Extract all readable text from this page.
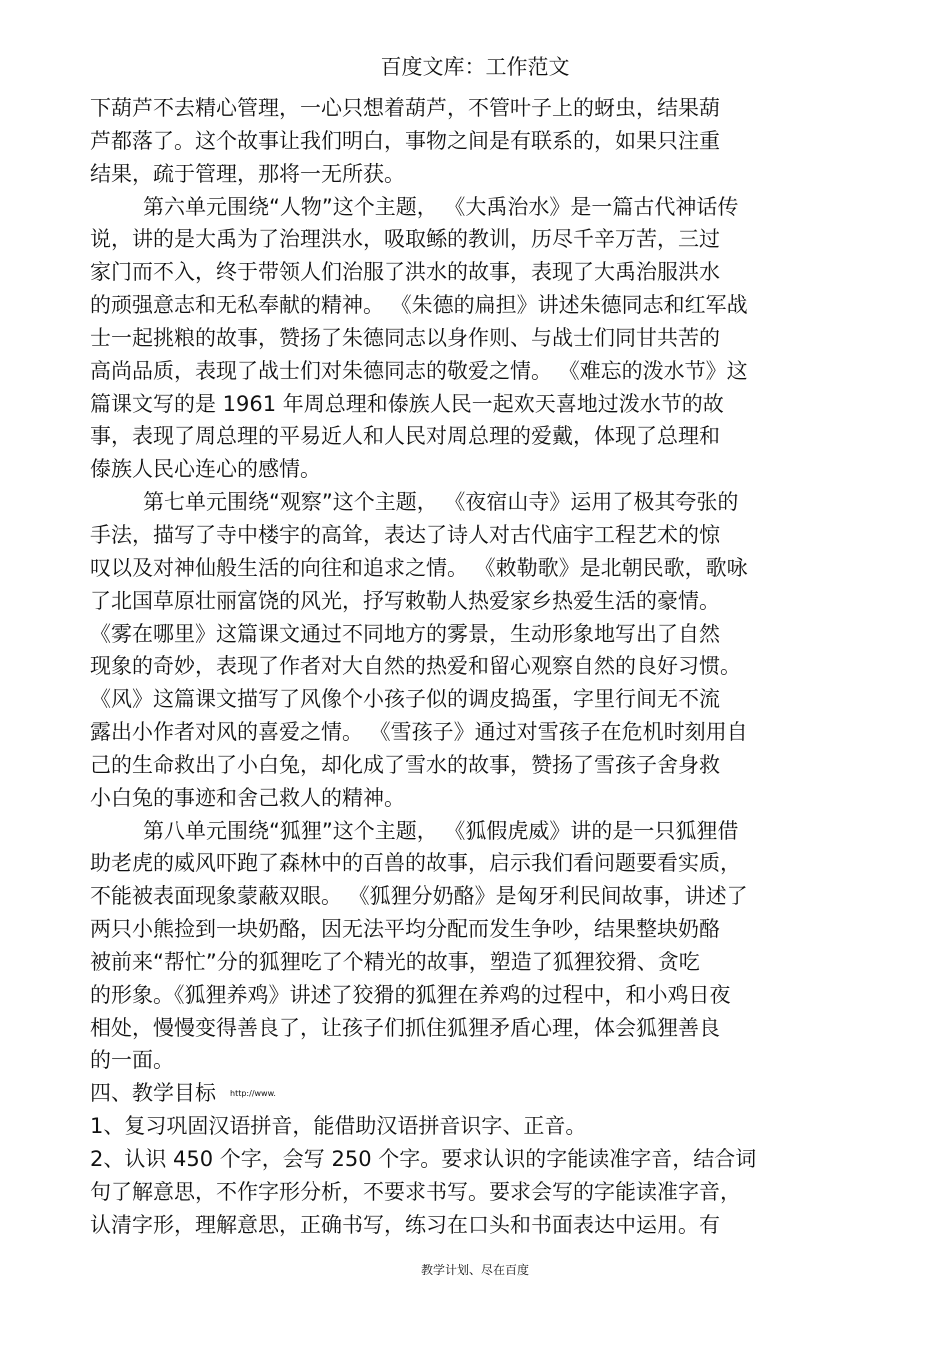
百度文库：工作范文
下葫芦不去精心管理，一心只想着葫芦，不管叶子上的蚜虫，结果葫
芦都落了。这个故事让我们明白，事物之间是有联系的，如果只注重
结果，疏于管理，那将一无所获。
第六单元围绕“人物”这个主题， 《大禹治水》是一篇古代神话传
说，讲的是大禹为了治理洪水，吸取鲧的教训，历尽千辛万苦，三过
家门而不入，终于带领人们治服了洪水的故事，表现了大禹治服洪水
的顽强意志和无私奉献的精神。 《朱德的扁担》讲述朱德同志和红军战
士一起挑粮的故事，赞扬了朱德同志以身作则、与战士们同甘共苦的
高尚品质，表现了战士们对朱德同志的敬爱之情。 《难忘的泼水节》这
篇课文写的是 1961 年周总理和傣族人民一起欢天喜地过泼水节的故
事，表现了周总理的平易近人和人民对周总理的爱戴，体现了总理和
傣族人民心连心的感情。
第七单元围绕“观察”这个主题， 《夜宿山寺》运用了极其夸张的
手法，描写了寺中楼宇的高耸，表达了诗人对古代庙宇工程艺术的惊
叹以及对神仙般生活的向往和追求之情。 《敕勒歌》是北朝民歌，歌咏
了北国草原壮丽富饶的风光，抒写敕勒人热爱家乡热爱生活的豪情。
《雾在哪里》这篇课文通过不同地方的雾景，生动形象地写出了自然
现象的奇妙，表现了作者对大自然的热爱和留心观察自然的良好习惯。
《风》这篇课文描写了风像个小孩子似的调皮捣蛋，字里行间无不流
露出小作者对风的喜爱之情。 《雪孩子》通过对雪孩子在危机时刻用自
己的生命救出了小白兔，却化成了雪水的故事，赞扬了雪孩子舍身救
小白兔的事迹和舍己救人的精神。
第八单元围绕“狐狸”这个主题， 《狐假虎威》讲的是一只狐狸借
助老虎的威风吓跑了森林中的百兽的故事，启示我们看问题要看实质，
不能被表面现象蒙蔽双眼。 《狐狸分奶酪》是匈牙利民间故事，讲述了
两只小熊捡到一块奶酪，因无法平均分配而发生争吵，结果整块奶酪
被前来“帮忙”分的狐狸吃了个精光的故事，塑造了狐狸狡猾、贪吃
的形象。《狐狸养鸡》讲述了狡猾的狐狸在养鸡的过程中，和小鸡日夜
相处，慢慢变得善良了，让孩子们抓住狐狸矛盾心理，体会狐狸善良
的一面。
四、教学目标 http://www.
1、复习巩固汉语拼音，能借助汉语拼音识字、正音。
2、认识 450 个字，会写 250 个字。要求认识的字能读准字音，结合词
句了解意思，不作字形分析，不要求书写。要求会写的字能读准字音，
认清字形，理解意思，正确书写，练习在口头和书面表达中运用。有
教学计划、尽在百度
